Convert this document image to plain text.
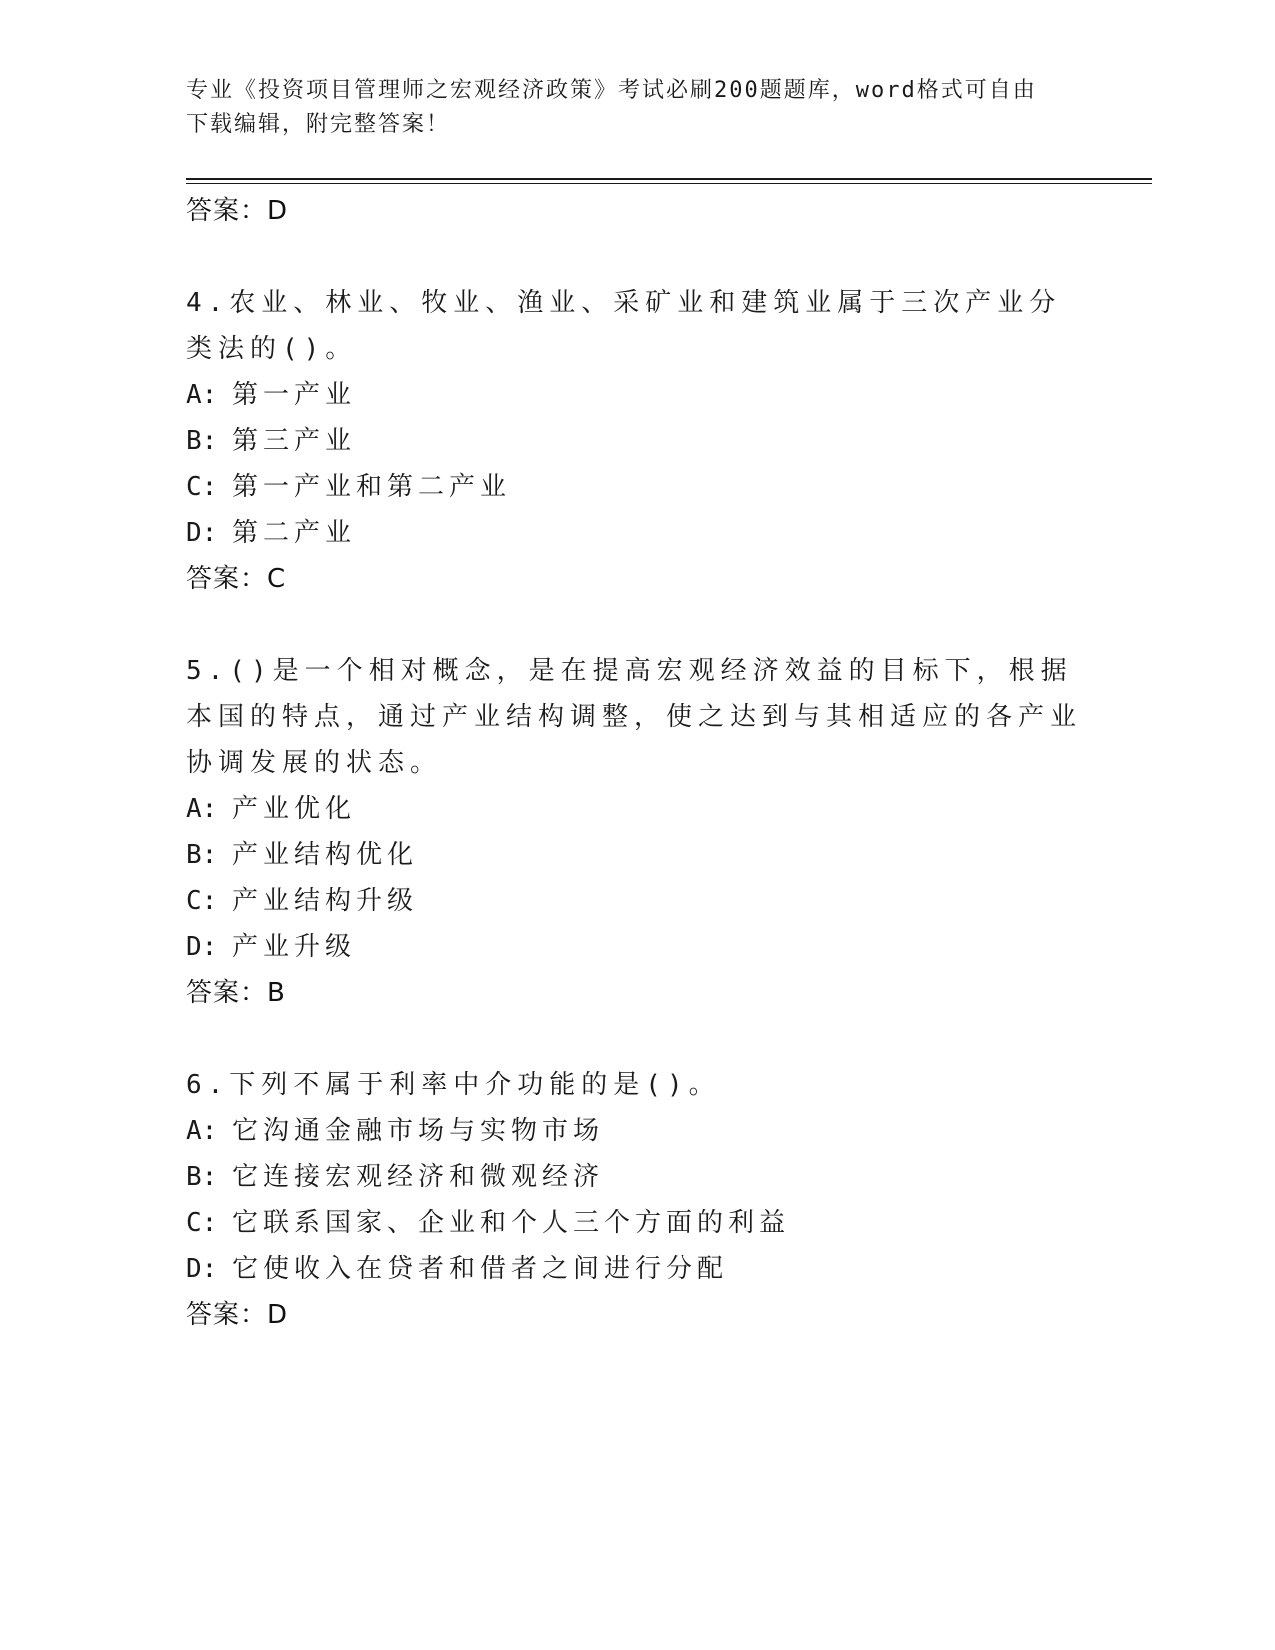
专业《投资项目管理师之宏观经济政策》考试必刷200题题库，word格式可自由
下载编辑，附完整答案！
答案：D
4.农业、林业、牧业、渔业、采矿业和建筑业属于三次产业分类法的()。
A: 第一产业
B: 第三产业
C: 第一产业和第二产业
D: 第二产业
答案：C
5.()是一个相对概念，是在提高宏观经济效益的目标下，根据本国的特点，通过产业结构调整，使之达到与其相适应的各产业协调发展的状态。
A: 产业优化
B: 产业结构优化
C: 产业结构升级
D: 产业升级
答案：B
6.下列不属于利率中介功能的是()。
A: 它沟通金融市场与实物市场
B: 它连接宏观经济和微观经济
C: 它联系国家、企业和个人三个方面的利益
D: 它使收入在贷者和借者之间进行分配
答案：D
